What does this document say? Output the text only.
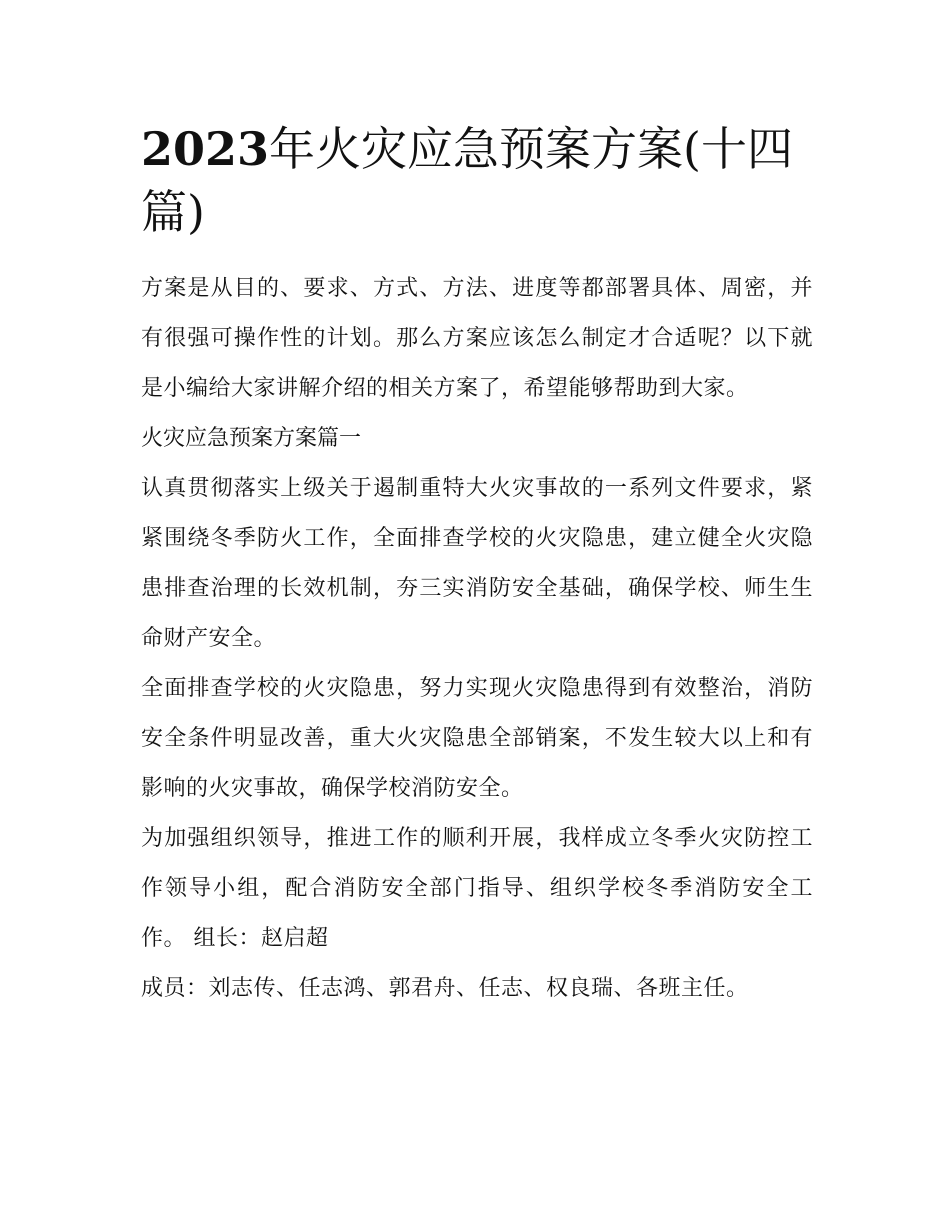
2023年火灾应急预案方案(十四篇)

方案是从目的、要求、方式、方法、进度等都部署具体、周密，并有很强可操作性的计划。那么方案应该怎么制定才合适呢？以下就是小编给大家讲解介绍的相关方案了，希望能够帮助到大家。

火灾应急预案方案篇一

认真贯彻落实上级关于遏制重特大火灾事故的一系列文件要求，紧紧围绕冬季防火工作，全面排查学校的火灾隐患，建立健全火灾隐患排查治理的长效机制，夯三实消防安全基础，确保学校、师生生命财产安全。

全面排查学校的火灾隐患，努力实现火灾隐患得到有效整治，消防安全条件明显改善，重大火灾隐患全部销案，不发生较大以上和有影响的火灾事故，确保学校消防安全。

为加强组织领导，推进工作的顺利开展，我样成立冬季火灾防控工作领导小组，配合消防安全部门指导、组织学校冬季消防安全工作。 组长：赵启超

成员：刘志传、任志鸿、郭君舟、任志、权良瑞、各班主任。
